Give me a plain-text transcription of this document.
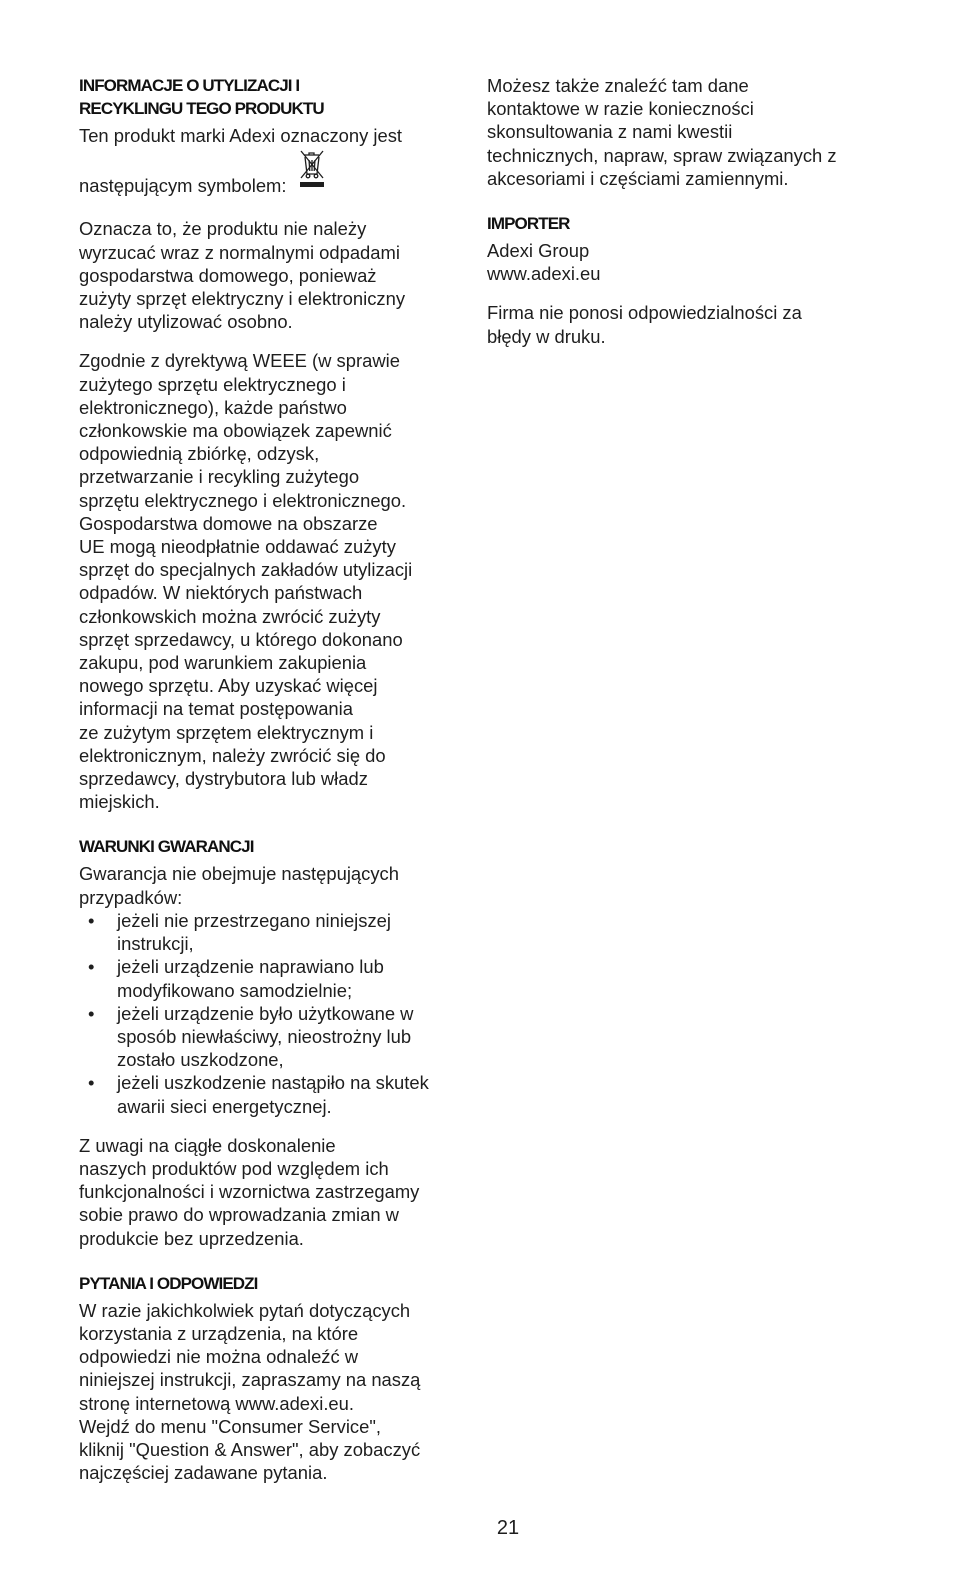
INFORMACJE O UTYLIZACJI I
RECYKLINGU TEGO PRODUKTU
Ten produkt marki Adexi oznaczony jest
następującym symbolem:

Oznacza to, że produktu nie należy
wyrzucać wraz z normalnymi odpadami
gospodarstwa domowego, ponieważ
zużyty sprzęt elektryczny i elektroniczny
należy utylizować osobno.

Zgodnie z dyrektywą WEEE (w sprawie
zużytego sprzętu elektrycznego i
elektronicznego), każde państwo
członkowskie ma obowiązek zapewnić
odpowiednią zbiórkę, odzysk,
przetwarzanie i recykling zużytego
sprzętu elektrycznego i elektronicznego.
Gospodarstwa domowe na obszarze
UE mogą nieodpłatnie oddawać zużyty
sprzęt do specjalnych zakładów utylizacji
odpadów. W niektórych państwach
członkowskich można zwrócić zużyty
sprzęt sprzedawcy, u którego dokonano
zakupu, pod warunkiem zakupienia
nowego sprzętu. Aby uzyskać więcej
informacji na temat postępowania
ze zużytym sprzętem elektrycznym i
elektronicznym, należy zwrócić się do
sprzedawcy, dystrybutora lub władz
miejskich.

WARUNKI GWARANCJI
Gwarancja nie obejmuje następujących
przypadków:
• jeżeli nie przestrzegano niniejszej
instrukcji,
• jeżeli urządzenie naprawiano lub
modyfikowano samodzielnie;
• jeżeli urządzenie było użytkowane w
sposób niewłaściwy, nieostrożny lub
zostało uszkodzone,
• jeżeli uszkodzenie nastąpiło na skutek
awarii sieci energetycznej.

Z uwagi na ciągłe doskonalenie
naszych produktów pod względem ich
funkcjonalności i wzornictwa zastrzegamy
sobie prawo do wprowadzania zmian w
produkcie bez uprzedzenia.

PYTANIA I ODPOWIEDZI

W razie jakichkolwiek pytań dotyczących
korzystania z urządzenia, na które
odpowiedzi nie można odnaleźć w
niniejszej instrukcji, zapraszamy na naszą
stronę internetową www.adexi.eu.
Wejdź do menu "Consumer Service",
kliknij "Question & Answer", aby zobaczyć
najczęściej zadawane pytania.

Możesz także znaleźć tam dane
kontaktowe w razie konieczności
skonsultowania z nami kwestii
technicznych, napraw, spraw związanych z
akcesoriami i częściami zamiennymi.

IMPORTER

Adexi Group
www.adexi.eu

Firma nie ponosi odpowiedzialności za
błędy w druku.

21
